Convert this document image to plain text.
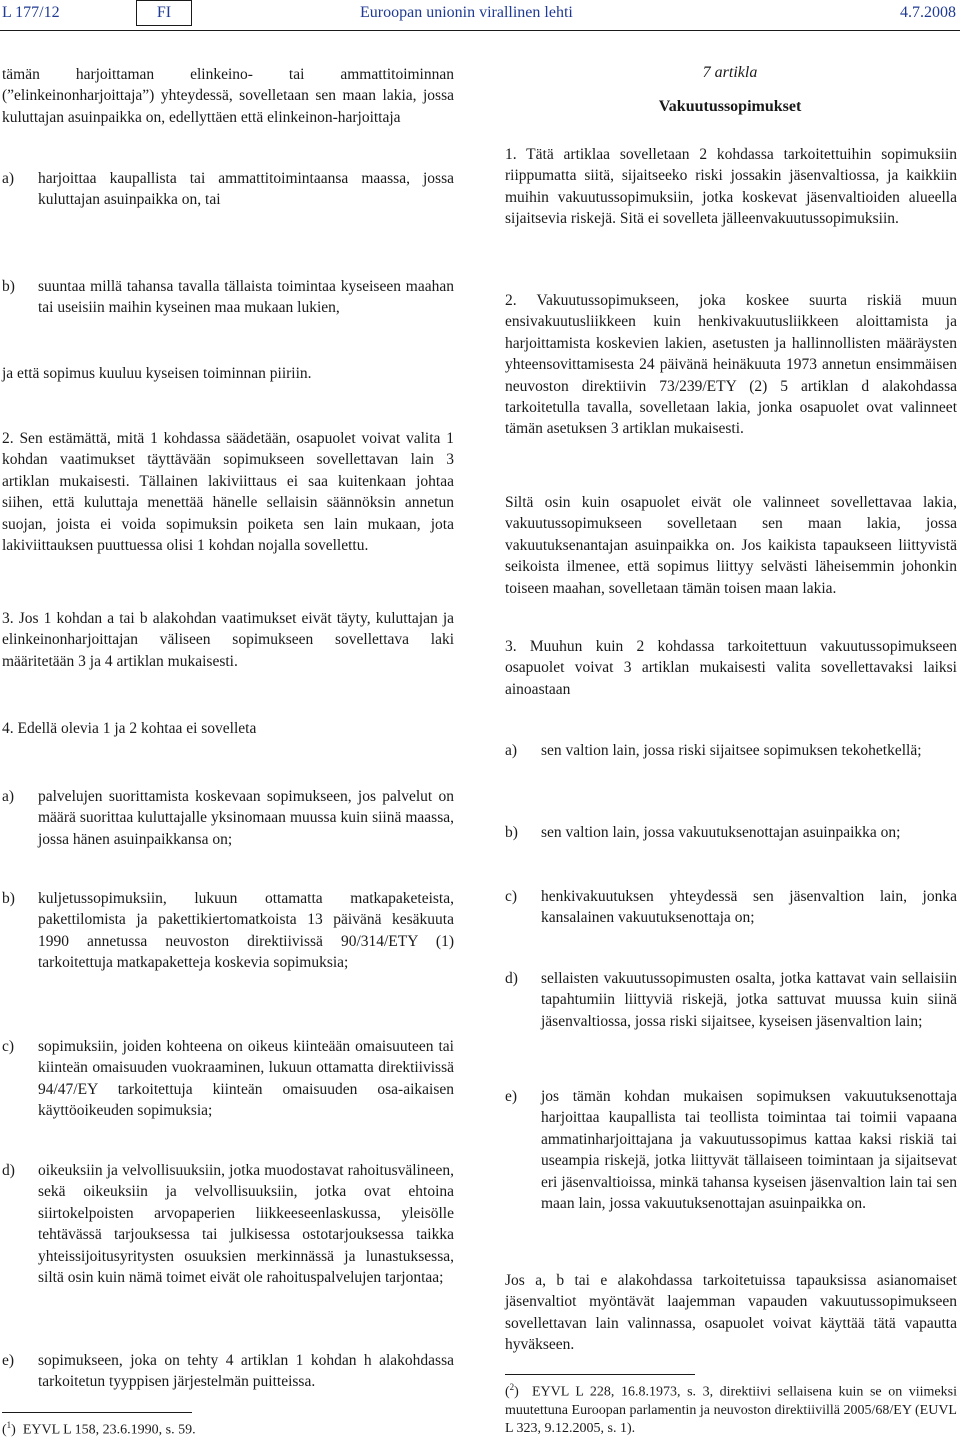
L 177/12	FI	Euroopan unionin virallinen lehti	4.7.2008
tämän harjoittaman elinkeino- tai ammattitoiminnan (”elinkeinonharjoittaja”) yhteydessä, sovelletaan sen maan lakia, jossa kuluttajan asuinpaikka on, edellyttäen että elinkeinon-harjoittaja
a) harjoittaa kaupallista tai ammattitoimintaansa maassa, jossa kuluttajan asuinpaikka on, tai
b) suuntaa millä tahansa tavalla tällaista toimintaa kyseiseen maahan tai useisiin maihin kyseinen maa mukaan lukien,
ja että sopimus kuuluu kyseisen toiminnan piiriin.
2. Sen estämättä, mitä 1 kohdassa säädetään, osapuolet voivat valita 1 kohdan vaatimukset täyttävään sopimukseen sovellettavan lain 3 artiklan mukaisesti. Tällainen lakiviittaus ei saa kuitenkaan johtaa siihen, että kuluttaja menettää hänelle sellaisin säännöksin annetun suojan, joista ei voida sopimuksin poiketa sen lain mukaan, jota lakiviittauksen puuttuessa olisi 1 kohdan nojalla sovellettu.
3. Jos 1 kohdan a tai b alakohdan vaatimukset eivät täyty, kuluttajan ja elinkeinonharjoittajan väliseen sopimukseen sovellettava laki määritetään 3 ja 4 artiklan mukaisesti.
4. Edellä olevia 1 ja 2 kohtaa ei sovelleta
a) palvelujen suorittamista koskevaan sopimukseen, jos palvelut on määrä suorittaa kuluttajalle yksinomaan muussa kuin siinä maassa, jossa hänen asuinpaikkansa on;
b) kuljetussopimuksiin, lukuun ottamatta matkapaketeista, pakettilomista ja pakettikiertomatkoista 13 päivänä kesäkuuta 1990 annetussa neuvoston direktiivissä 90/314/ETY (1) tarkoitettuja matkapaketteja koskevia sopimuksia;
c) sopimuksiin, joiden kohteena on oikeus kiinteään omaisuuteen tai kiinteän omaisuuden vuokraaminen, lukuun ottamatta direktiivissä 94/47/EY tarkoitettuja kiinteän omaisuuden osa-aikaisen käyttöoikeuden sopimuksia;
d) oikeuksiin ja velvollisuuksiin, jotka muodostavat rahoitusvälineen, sekä oikeuksiin ja velvollisuuksiin, jotka ovat ehtoina siirtokelpoisten arvopaperien liikkeeseenlaskussa, yleisölle tehtävässä tarjouksessa tai julkisessa ostotarjouksessa taikka yhteissijoitusyritysten osuuksien merkinnässä ja lunastuksessa, siltä osin kuin nämä toimet eivät ole rahoituspalvelujen tarjontaa;
e) sopimukseen, joka on tehty 4 artiklan 1 kohdan h alakohdassa tarkoitetun tyyppisen järjestelmän puitteissa.
($^1$)  EYVL L 158, 23.6.1990, s. 59.
7 artikla
Vakuutussopimukset
1. Tätä artiklaa sovelletaan 2 kohdassa tarkoitettuihin sopimuksiin riippumatta siitä, sijaitseeko riski jossakin jäsenvaltiossa, ja kaikkiin muihin vakuutussopimuksiin, jotka koskevat jäsenvaltioiden alueella sijaitsevia riskejä. Sitä ei sovelleta jälleenvakuutussopimuksiin.
2. Vakuutussopimukseen, joka koskee suurta riskiä muun ensivakuutusliikkeen kuin henkivakuutusliikkeen aloittamista ja harjoittamista koskevien lakien, asetusten ja hallinnollisten määräysten yhteensovittamisesta 24 päivänä heinäkuuta 1973 annetun ensimmäisen neuvoston direktiivin 73/239/ETY (2) 5 artiklan d alakohdassa tarkoitetulla tavalla, sovelletaan lakia, jonka osapuolet ovat valinneet tämän asetuksen 3 artiklan mukaisesti.
Siltä osin kuin osapuolet eivät ole valinneet sovellettavaa lakia, vakuutussopimukseen sovelletaan sen maan lakia, jossa vakuutuksenantajan asuinpaikka on. Jos kaikista tapaukseen liittyvistä seikoista ilmenee, että sopimus liittyy selvästi läheisemmin johonkin toiseen maahan, sovelletaan tämän toisen maan lakia.
3. Muuhun kuin 2 kohdassa tarkoitettuun vakuutussopimukseen osapuolet voivat 3 artiklan mukaisesti valita sovellettavaksi laiksi ainoastaan
a) sen valtion lain, jossa riski sijaitsee sopimuksen tekohetkellä;
b) sen valtion lain, jossa vakuutuksenottajan asuinpaikka on;
c) henkivakuutuksen yhteydessä sen jäsenvaltion lain, jonka kansalainen vakuutuksenottaja on;
d) sellaisten vakuutussopimusten osalta, jotka kattavat vain sellaisiin tapahtumiin liittyviä riskejä, jotka sattuvat muussa kuin siinä jäsenvaltiossa, jossa riski sijaitsee, kyseisen jäsenvaltion lain;
e) jos tämän kohdan mukaisen sopimuksen vakuutuksenottaja harjoittaa kaupallista tai teollista toimintaa tai toimii vapaana ammatinharjoittajana ja vakuutussopimus kattaa kaksi riskiä tai useampia riskejä, jotka liittyvät tällaiseen toimintaan ja sijaitsevat eri jäsenvaltioissa, minkä tahansa kyseisen jäsenvaltion lain tai sen maan lain, jossa vakuutuksenottajan asuinpaikka on.
Jos a, b tai e alakohdassa tarkoitetuissa tapauksissa asianomaiset jäsenvaltiot myöntävät laajemman vapauden vakuutussopimukseen sovellettavan lain valinnassa, osapuolet voivat käyttää tätä vapautta hyväkseen.
($^2$)  EYVL L 228, 16.8.1973, s. 3, direktiivi sellaisena kuin se on viimeksi muutettuna Euroopan parlamentin ja neuvoston direktiivillä 2005/68/EY (EUVL L 323, 9.12.2005, s. 1).
